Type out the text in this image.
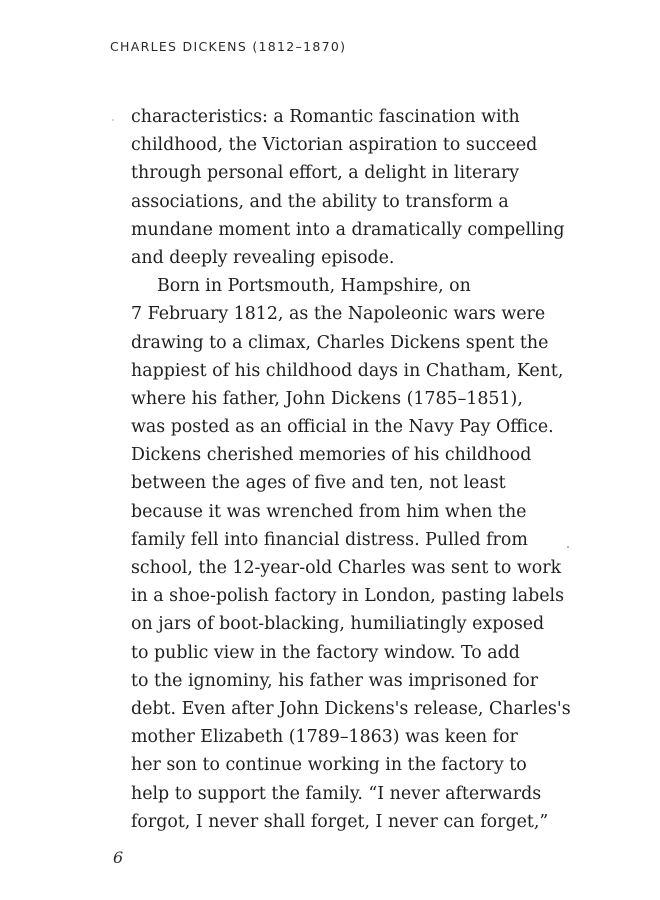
CHARLES DICKENS (1812–1870)
characteristics: a Romantic fascination with
childhood, the Victorian aspiration to succeed
through personal effort, a delight in literary
associations, and the ability to transform a
mundane moment into a dramatically compelling
and deeply revealing episode.
Born in Portsmouth, Hampshire, on
7 February 1812, as the Napoleonic wars were
drawing to a climax, Charles Dickens spent the
happiest of his childhood days in Chatham, Kent,
where his father, John Dickens (1785–1851),
was posted as an official in the Navy Pay Office.
Dickens cherished memories of his childhood
between the ages of five and ten, not least
because it was wrenched from him when the
family fell into financial distress. Pulled from
school, the 12-year-old Charles was sent to work
in a shoe-polish factory in London, pasting labels
on jars of boot-blacking, humiliatingly exposed
to public view in the factory window. To add
to the ignominy, his father was imprisoned for
debt. Even after John Dickens's release, Charles's
mother Elizabeth (1789–1863) was keen for
her son to continue working in the factory to
help to support the family. “I never afterwards
forgot, I never shall forget, I never can forget,”
6
